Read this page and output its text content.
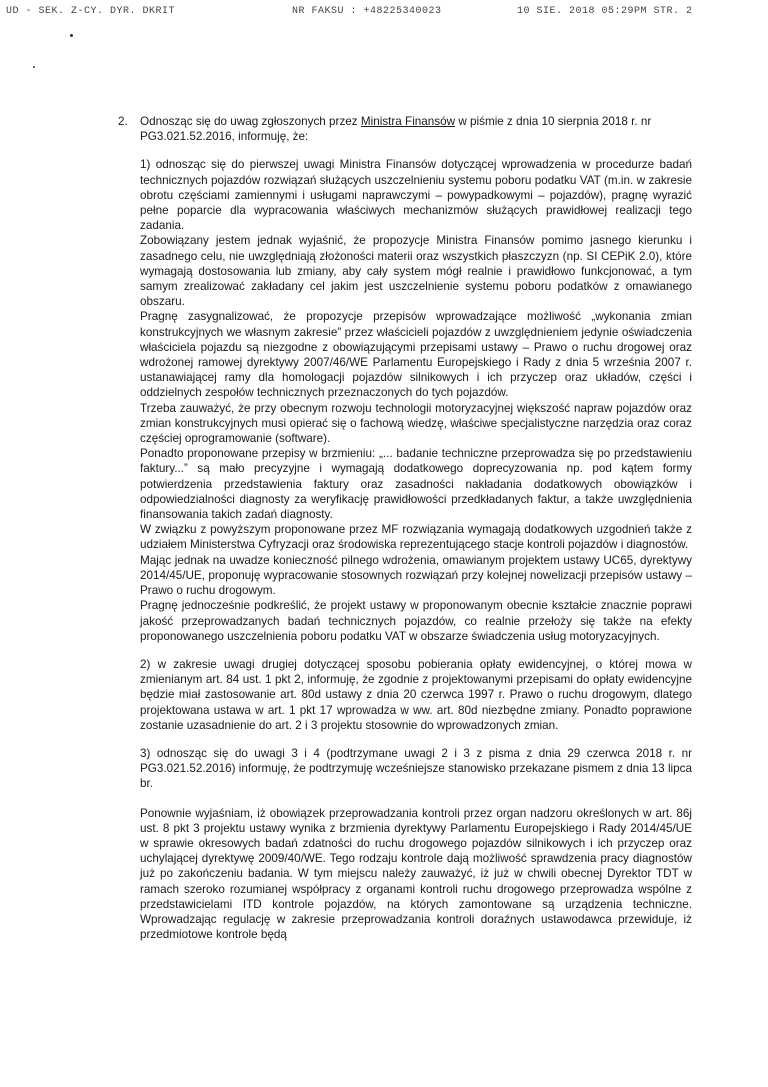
UD - SEK. Z-CY. DYR. DKRIT	NR FAKSU : +48225340023	10 SIE. 2018 05:29PM STR. 2
2.	Odnosząc się do uwag zgłoszonych przez Ministra Finansów w piśmie z dnia 10 sierpnia 2018 r. nr PG3.021.52.2016, informuję, że:

1) odnosząc się do pierwszej uwagi Ministra Finansów dotyczącej wprowadzenia w procedurze badań technicznych pojazdów rozwiązań służących uszczelnieniu systemu poboru podatku VAT (m.in. w zakresie obrotu częściami zamiennymi i usługami naprawczymi – powypadkowymi – pojazdów), pragnę wyrazić pełne poparcie dla wypracowania właściwych mechanizmów służących prawidłowej realizacji tego zadania.

Zobowiązany jestem jednak wyjaśnić, że propozycje Ministra Finansów pomimo jasnego kierunku i zasadnego celu, nie uwzględniają złożoności materii oraz wszystkich płaszczyzn (np. SI CEPiK 2.0), które wymagają dostosowania lub zmiany, aby cały system mógł realnie i prawidłowo funkcjonować, a tym samym zrealizować zakładany cel jakim jest uszczelnienie systemu poboru podatków z omawianego obszaru.

Pragnę zasygnalizować, że propozycje przepisów wprowadzające możliwość „wykonania zmian konstrukcyjnych we własnym zakresie” przez właścicieli pojazdów z uwzględnieniem jedynie oświadczenia właściciela pojazdu są niezgodne z obowiązującymi przepisami ustawy – Prawo o ruchu drogowej oraz wdrożonej ramowej dyrektywy 2007/46/WE Parlamentu Europejskiego i Rady z dnia 5 września 2007 r. ustanawiającej ramy dla homologacji pojazdów silnikowych i ich przyczep oraz układów, części i oddzielnych zespołów technicznych przeznaczonych do tych pojazdów.

Trzeba zauważyć, że przy obecnym rozwoju technologii motoryzacyjnej większość napraw pojazdów oraz zmian konstrukcyjnych musi opierać się o fachową wiedzę, właściwe specjalistyczne narzędzia oraz coraz częściej oprogramowanie (software).

Ponadto proponowane przepisy w brzmieniu: „... badanie techniczne przeprowadza się po przedstawieniu faktury...” są mało precyzyjne i wymagają dodatkowego doprecyzowania np. pod kątem formy potwierdzenia przedstawienia faktury oraz zasadności nakładania dodatkowych obowiązków i odpowiedzialności diagnosty za weryfikację prawidłowości przedkładanych faktur, a także uwzględnienia finansowania takich zadań diagnosty.

W związku z powyższym proponowane przez MF rozwiązania wymagają dodatkowych uzgodnień także z udziałem Ministerstwa Cyfryzacji oraz środowiska reprezentującego stacje kontroli pojazdów i diagnostów.

Mając jednak na uwadze konieczność pilnego wdrożenia, omawianym projektem ustawy UC65, dyrektywy 2014/45/UE, proponuję wypracowanie stosownych rozwiązań przy kolejnej nowelizacji przepisów ustawy – Prawo o ruchu drogowym.

Pragnę jednocześnie podkreślić, że projekt ustawy w proponowanym obecnie kształcie znacznie poprawi jakość przeprowadzanych badań technicznych pojazdów, co realnie przełoży się także na efekty proponowanego uszczelnienia poboru podatku VAT w obszarze świadczenia usług motoryzacyjnych.

2) w zakresie uwagi drugiej dotyczącej sposobu pobierania opłaty ewidencyjnej, o której mowa w zmienianym art. 84 ust. 1 pkt 2, informuję, że zgodnie z projektowanymi przepisami do opłaty ewidencyjne będzie miał zastosowanie art. 80d ustawy z dnia 20 czerwca 1997 r. Prawo o ruchu drogowym, dlatego projektowana ustawa w art. 1 pkt 17 wprowadza w ww. art. 80d niezbędne zmiany. Ponadto poprawione zostanie uzasadnienie do art. 2 i 3 projektu stosownie do wprowadzonych zmian.

3) odnosząc się do uwagi 3 i 4 (podtrzymane uwagi 2 i 3 z pisma z dnia 29 czerwca 2018 r. nr PG3.021.52.2016) informuję, że podtrzymuję wcześniejsze stanowisko przekazane pismem z dnia 13 lipca br.

Ponownie wyjaśniam, iż obowiązek przeprowadzania kontroli przez organ nadzoru określonych w art. 86j ust. 8 pkt 3 projektu ustawy wynika z brzmienia dyrektywy Parlamentu Europejskiego i Rady 2014/45/UE w sprawie okresowych badań zdatności do ruchu drogowego pojazdów silnikowych i ich przyczep oraz uchylającej dyrektywę 2009/40/WE. Tego rodzaju kontrole dają możliwość sprawdzenia pracy diagnostów już po zakończeniu badania. W tym miejscu należy zauważyć, iż już w chwili obecnej Dyrektor TDT w ramach szeroko rozumianej współpracy z organami kontroli ruchu drogowego przeprowadza wspólne z przedstawicielami ITD kontrole pojazdów, na których zamontowane są urządzenia techniczne. Wprowadzając regulację w zakresie przeprowadzania kontroli doraźnych ustawodawca przewiduje, iż przedmiotowe kontrole będą
